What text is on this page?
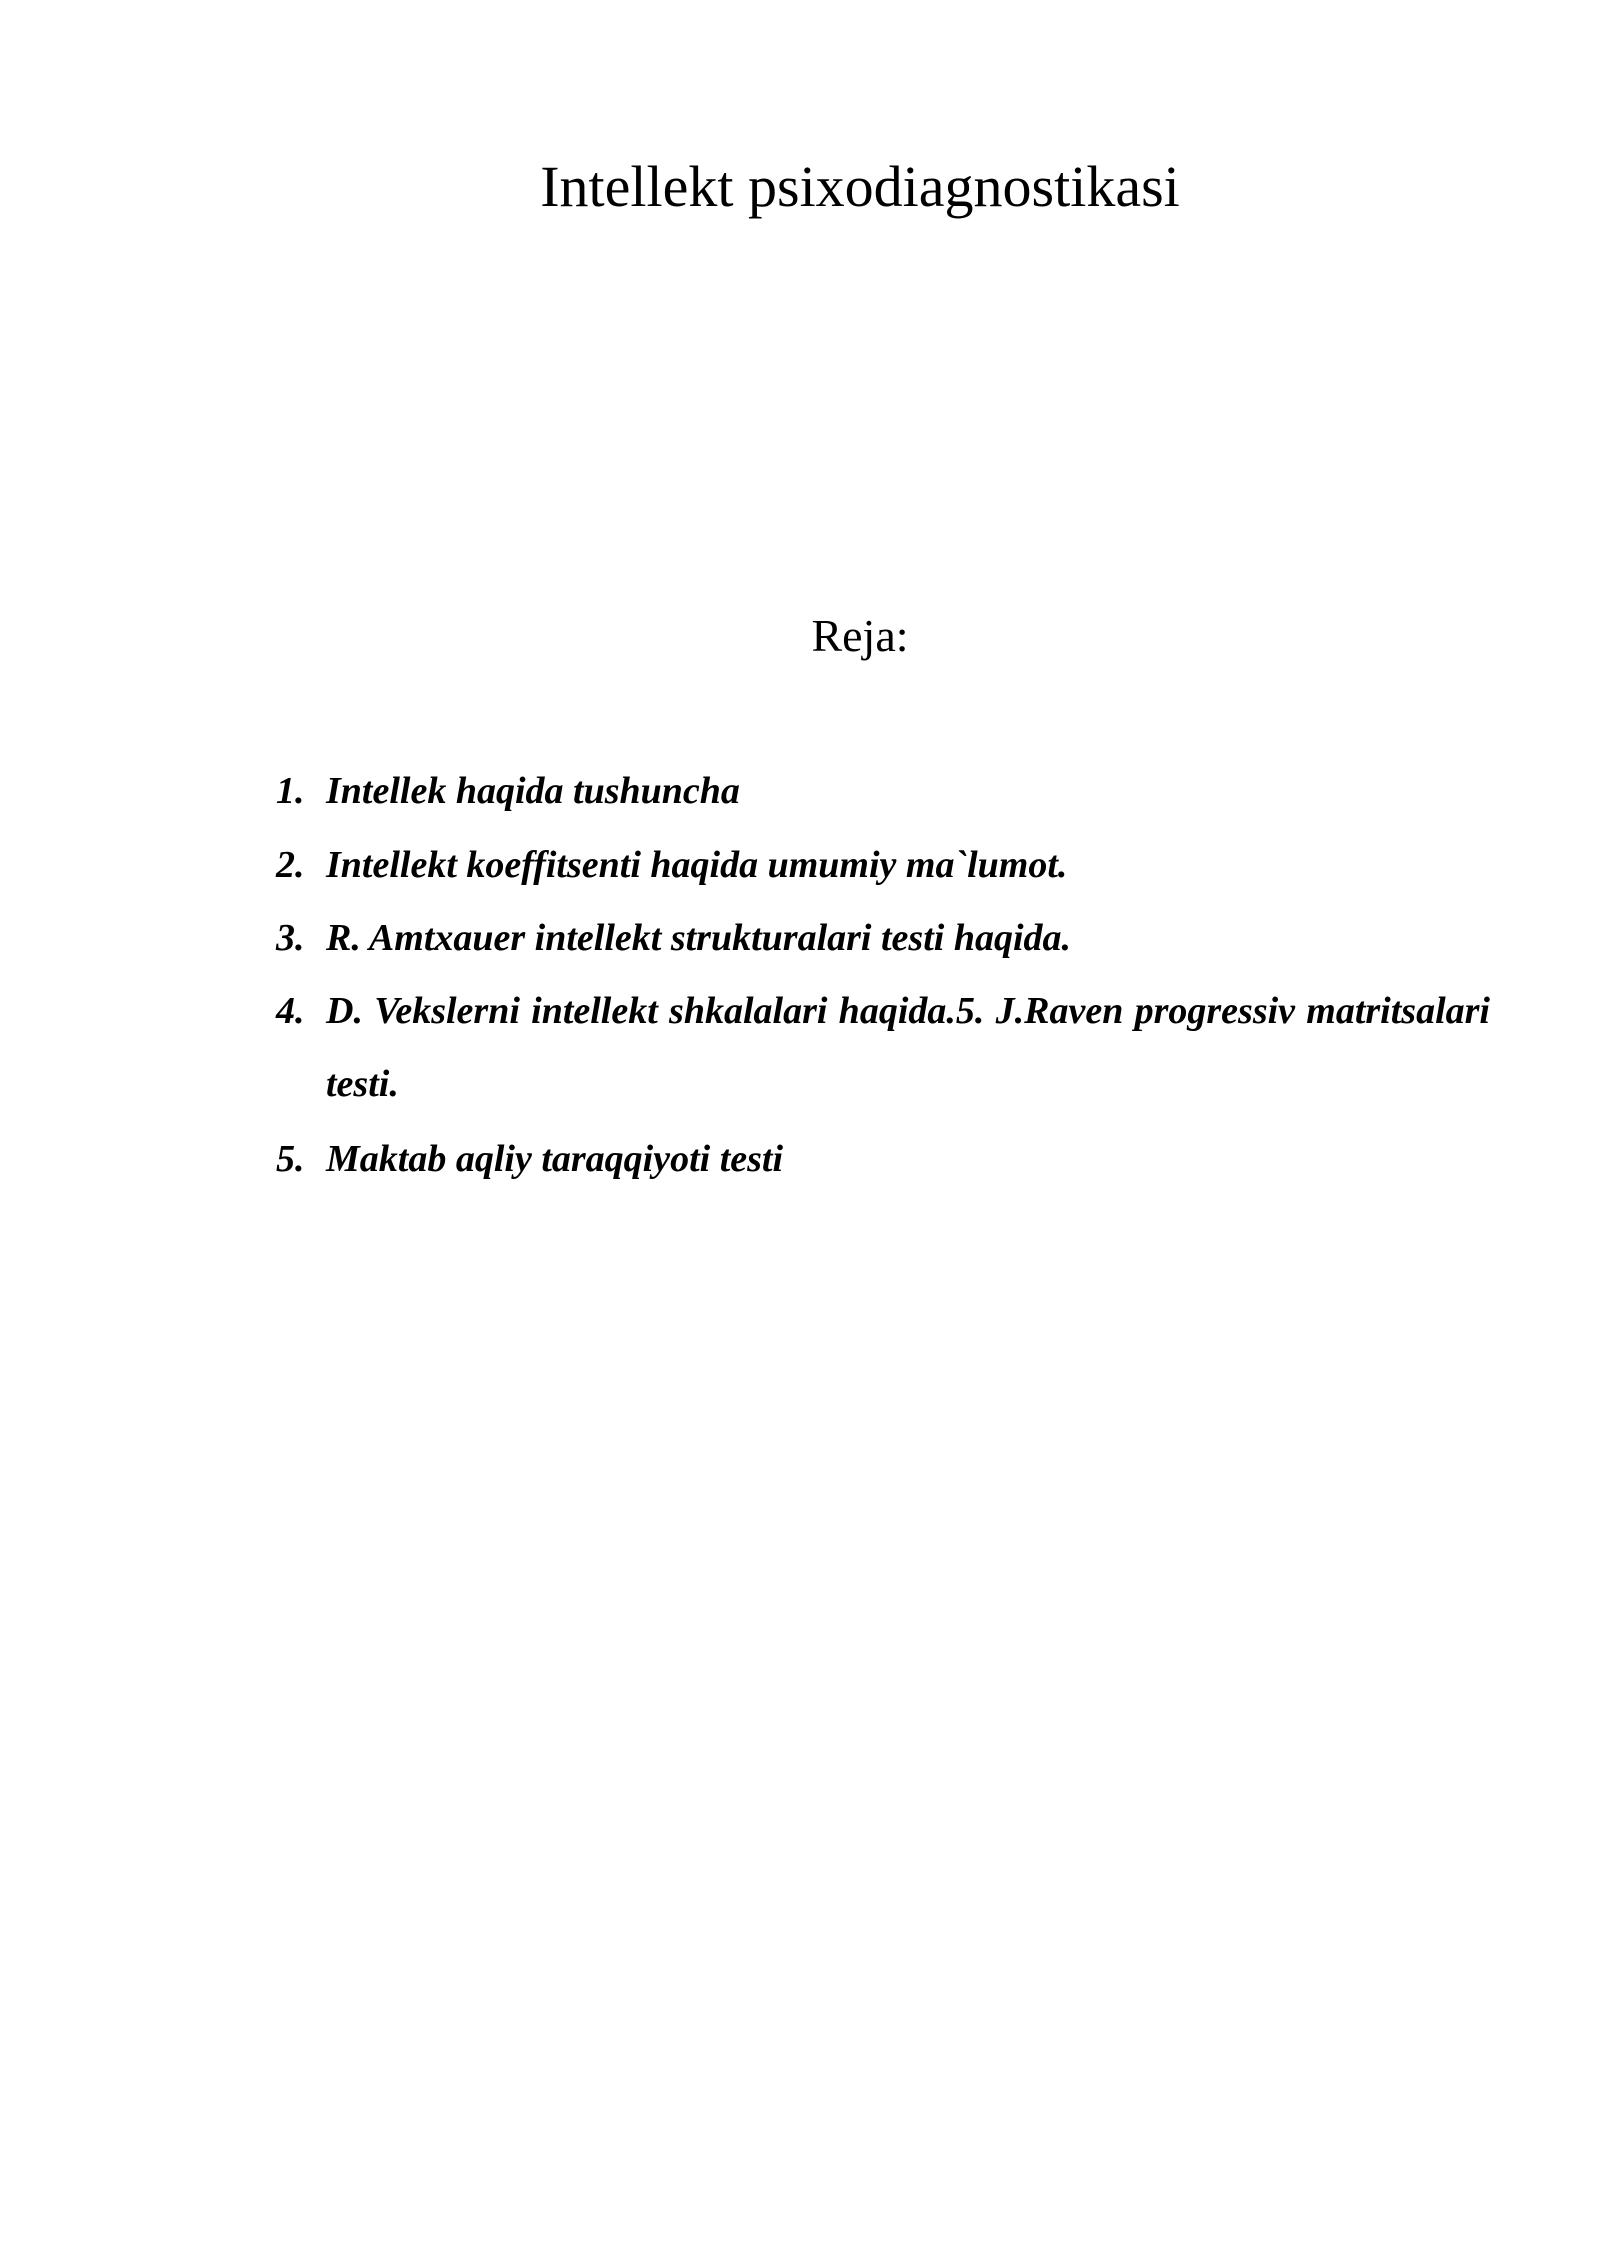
Intellekt psixodiagnostikasi
Reja:
1. Intellek haqida tushuncha
2. Intellekt koeffitsenti haqida umumiy ma`lumot.
3. R. Amtxauer intellekt strukturalari testi haqida.
4. D. Vekslerni intellekt shkalalari haqida.5. J.Raven progressiv matritsalari testi.
5. Maktab aqliy taraqqiyoti testi
